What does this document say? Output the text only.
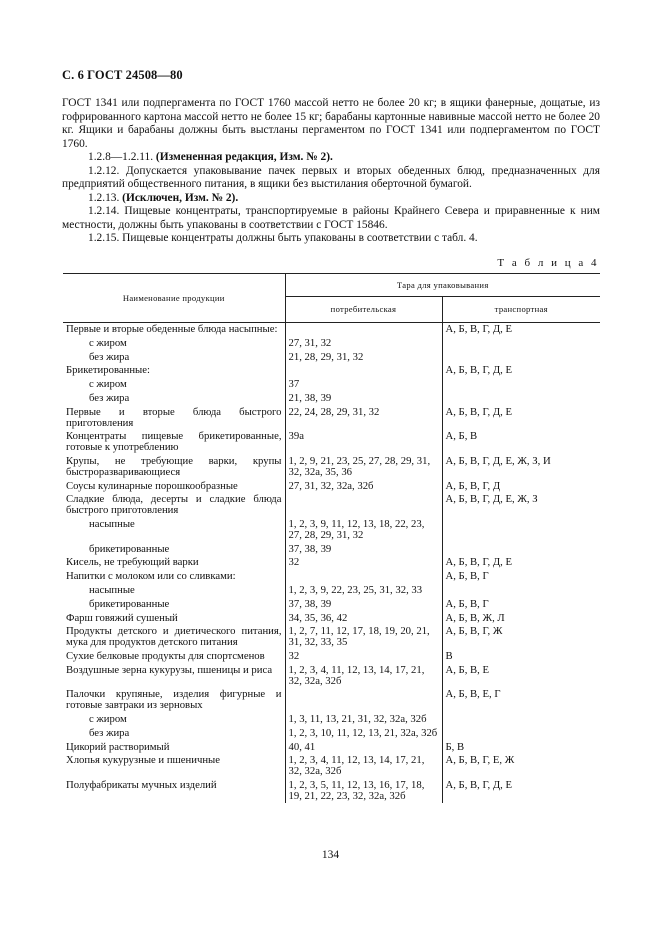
С. 6 ГОСТ 24508—80

ГОСТ 1341 или подпергамента по ГОСТ 1760 массой нетто не более 20 кг; в ящики фанерные, дощатые, из гофрированного картона массой нетто не более 15 кг; барабаны картонные навивные массой нетто не более 20 кг. Ящики и барабаны должны быть выстланы пергаментом по ГОСТ 1341 или подпергаментом по ГОСТ 1760.

1.2.8—1.2.11. (Измененная редакция, Изм. № 2).

1.2.12. Допускается упаковывание пачек первых и вторых обеденных блюд, предназначенных для предприятий общественного питания, в ящики без выстилания оберточной бумагой.

1.2.13. (Исключен, Изм. № 2).

1.2.14. Пищевые концентраты, транспортируемые в районы Крайнего Севера и приравненные к ним местности, должны быть упакованы в соответствии с ГОСТ 15846.

1.2.15. Пищевые концентраты должны быть упакованы в соответствии с табл. 4.

Т а б л и ц а 4
Наименование продукции	Тара для упаковывания	
	потребительская	транспортная
Первые и вторые обеденные блюда насыпные:		А, Б, В, Г, Д, Е
с жиром	27, 31, 32	
без жира	21, 28, 29, 31, 32	
Брикетированные:		А, Б, В, Г, Д, Е
с жиром	37	
без жира	21, 38, 39	
Первые и вторые блюда быстрого приготовления	22, 24, 28, 29, 31, 32	А, Б, В, Г, Д, Е
Концентраты пищевые брикетированные, готовые к употреблению	39а	А, Б, В
Крупы, не требующие варки, крупы быстроразваривающиеся	1, 2, 9, 21, 23, 25, 27, 28, 29, 31, 32, 32а, 35, 36	А, Б, В, Г, Д, Е, Ж, З, И
Соусы кулинарные порошкообразные	27, 31, 32, 32а, 32б	А, Б, В, Г, Д
Сладкие блюда, десерты и сладкие блюда быстрого приготовления		А, Б, В, Г, Д, Е, Ж, З
насыпные	1, 2, 3, 9, 11, 12, 13, 18, 22, 23, 27, 28, 29, 31, 32	
брикетированные	37, 38, 39	
Кисель, не требующий варки	32	А, Б, В, Г, Д, Е
Напитки с молоком или со сливками:		А, Б, В, Г
насыпные	1, 2, 3, 9, 22, 23, 25, 31, 32, 33	
брикетированные	37, 38, 39	А, Б, В, Г
Фарш говяжий сушеный	34, 35, 36, 42	А, Б, В, Ж, Л
Продукты детского и диетического питания, мука для продуктов детского питания	1, 2, 7, 11, 12, 17, 18, 19, 20, 21, 31, 32, 33, 35	А, Б, В, Г, Ж
Сухие белковые продукты для спортсменов	32	В
Воздушные зерна кукурузы, пшеницы и риса	1, 2, 3, 4, 11, 12, 13, 14, 17, 21, 32, 32а, 32б	А, Б, В, Е
Палочки крупяные, изделия фигурные и готовые завтраки из зерновых		А, Б, В, Е, Г
с жиром	1, 3, 11, 13, 21, 31, 32, 32а, 32б	
без жира	1, 2, 3, 10, 11, 12, 13, 21, 32а, 32б	
Цикорий растворимый	40, 41	Б, В
Хлопья кукурузные и пшеничные	1, 2, 3, 4, 11, 12, 13, 14, 17, 21, 32, 32а, 32б	А, Б, В, Г, Е, Ж
Полуфабрикаты мучных изделий	1, 2, 3, 5, 11, 12, 13, 16, 17, 18, 19, 21, 22, 23, 32, 32а, 32б	А, Б, В, Г, Д, Е
134
